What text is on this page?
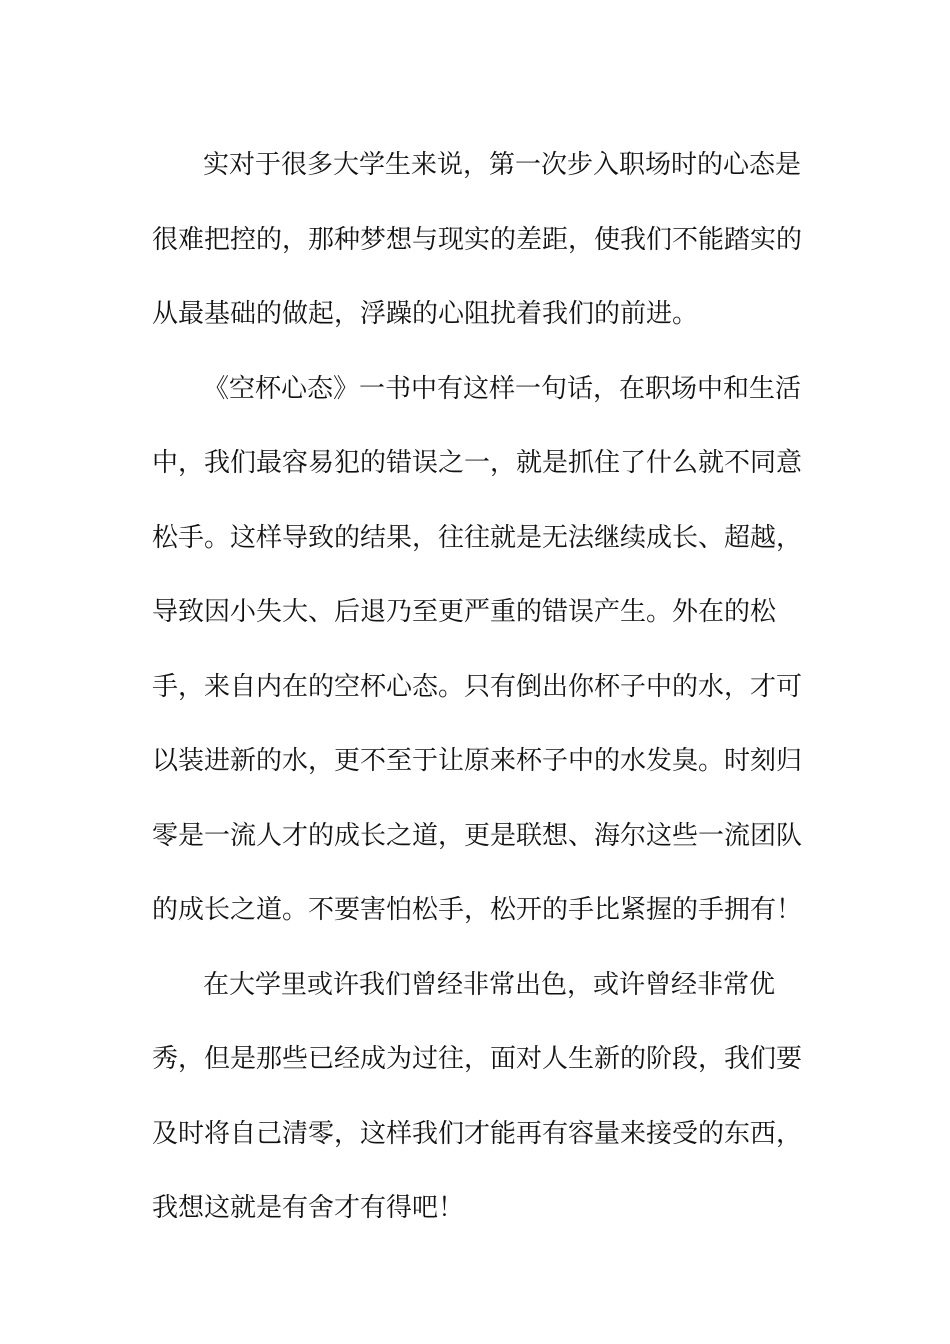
实对于很多大学生来说，第一次步入职场时的心态是
很难把控的，那种梦想与现实的差距，使我们不能踏实的
从最基础的做起，浮躁的心阻扰着我们的前进。
《空杯心态》一书中有这样一句话，在职场中和生活
中，我们最容易犯的错误之一，就是抓住了什么就不同意
松手。这样导致的结果，往往就是无法继续成长、超越，
导致因小失大、后退乃至更严重的错误产生。外在的松
手，来自内在的空杯心态。只有倒出你杯子中的水，才可
以装进新的水，更不至于让原来杯子中的水发臭。时刻归
零是一流人才的成长之道，更是联想、海尔这些一流团队
的成长之道。不要害怕松手，松开的手比紧握的手拥有！
在大学里或许我们曾经非常出色，或许曾经非常优
秀，但是那些已经成为过往，面对人生新的阶段，我们要
及时将自己清零，这样我们才能再有容量来接受的东西，
我想这就是有舍才有得吧！
